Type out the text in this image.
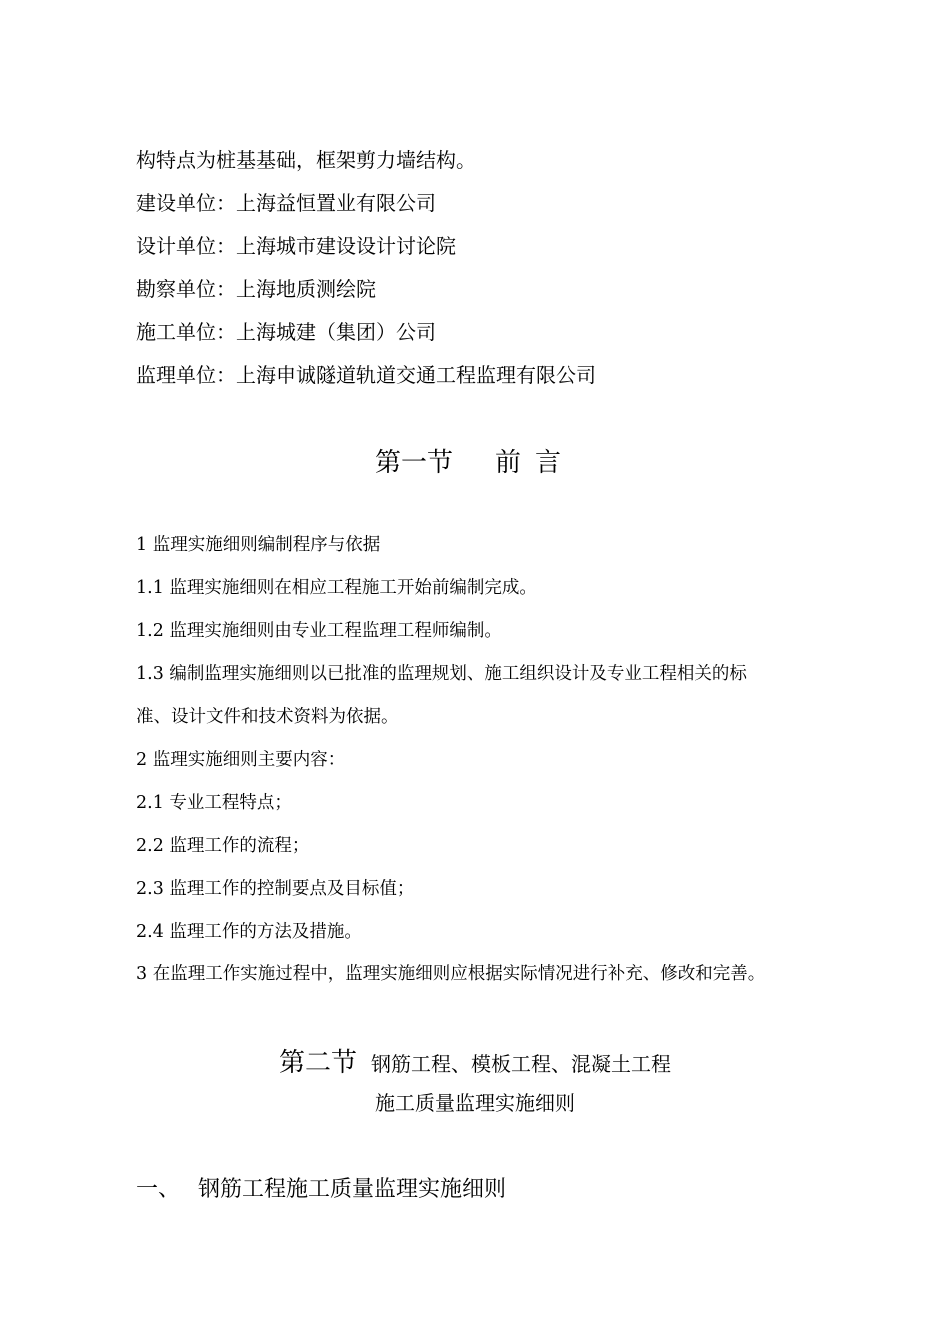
构特点为桩基基础，框架剪力墙结构。
建设单位：上海益恒置业有限公司
设计单位：上海城市建设设计讨论院
勘察单位：上海地质测绘院
施工单位：上海城建（集团）公司
监理单位：上海申诚隧道轨道交通工程监理有限公司
第一节 前言
1 监理实施细则编制程序与依据
1.1 监理实施细则在相应工程施工开始前编制完成。
1.2 监理实施细则由专业工程监理工程师编制。
1.3 编制监理实施细则以已批准的监理规划、施工组织设计及专业工程相关的标
准、设计文件和技术资料为依据。
2 监理实施细则主要内容：
2.1 专业工程特点；
2.2 监理工作的流程；
2.3 监理工作的控制要点及目标值；
2.4 监理工作的方法及措施。
3 在监理工作实施过程中，监理实施细则应根据实际情况进行补充、修改和完善。
第二节 钢筋工程、模板工程、混凝土工程
施工质量监理实施细则
一、 钢筋工程施工质量监理实施细则
